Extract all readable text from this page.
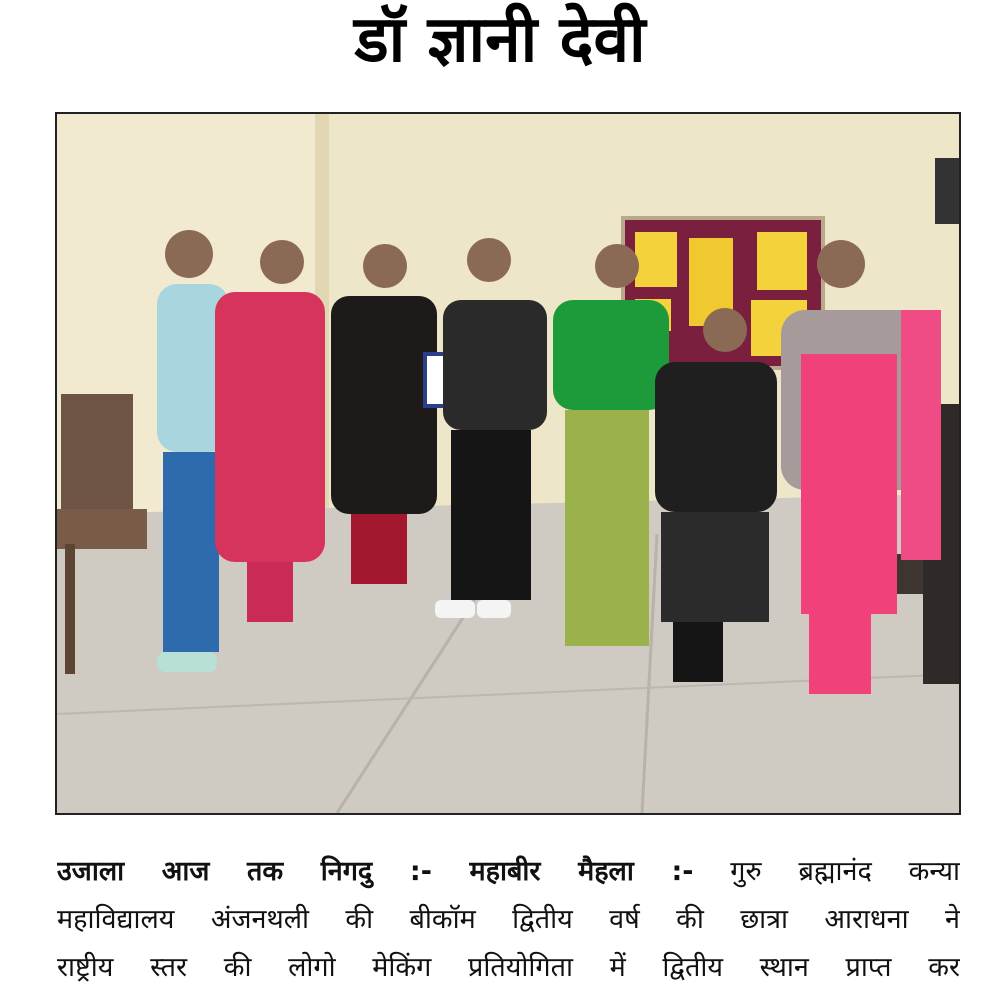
डॉ ज्ञानी देवी
उजाला आज तक निगदु :- महाबीर मैहला :- गुरु ब्रह्मानंद कन्या
महाविद्यालय अंजनथली की बीकॉम द्वितीय वर्ष की छात्रा आराधना ने
राष्ट्रीय स्तर की लोगो मेकिंग प्रतियोगिता में द्वितीय स्थान प्राप्त कर
